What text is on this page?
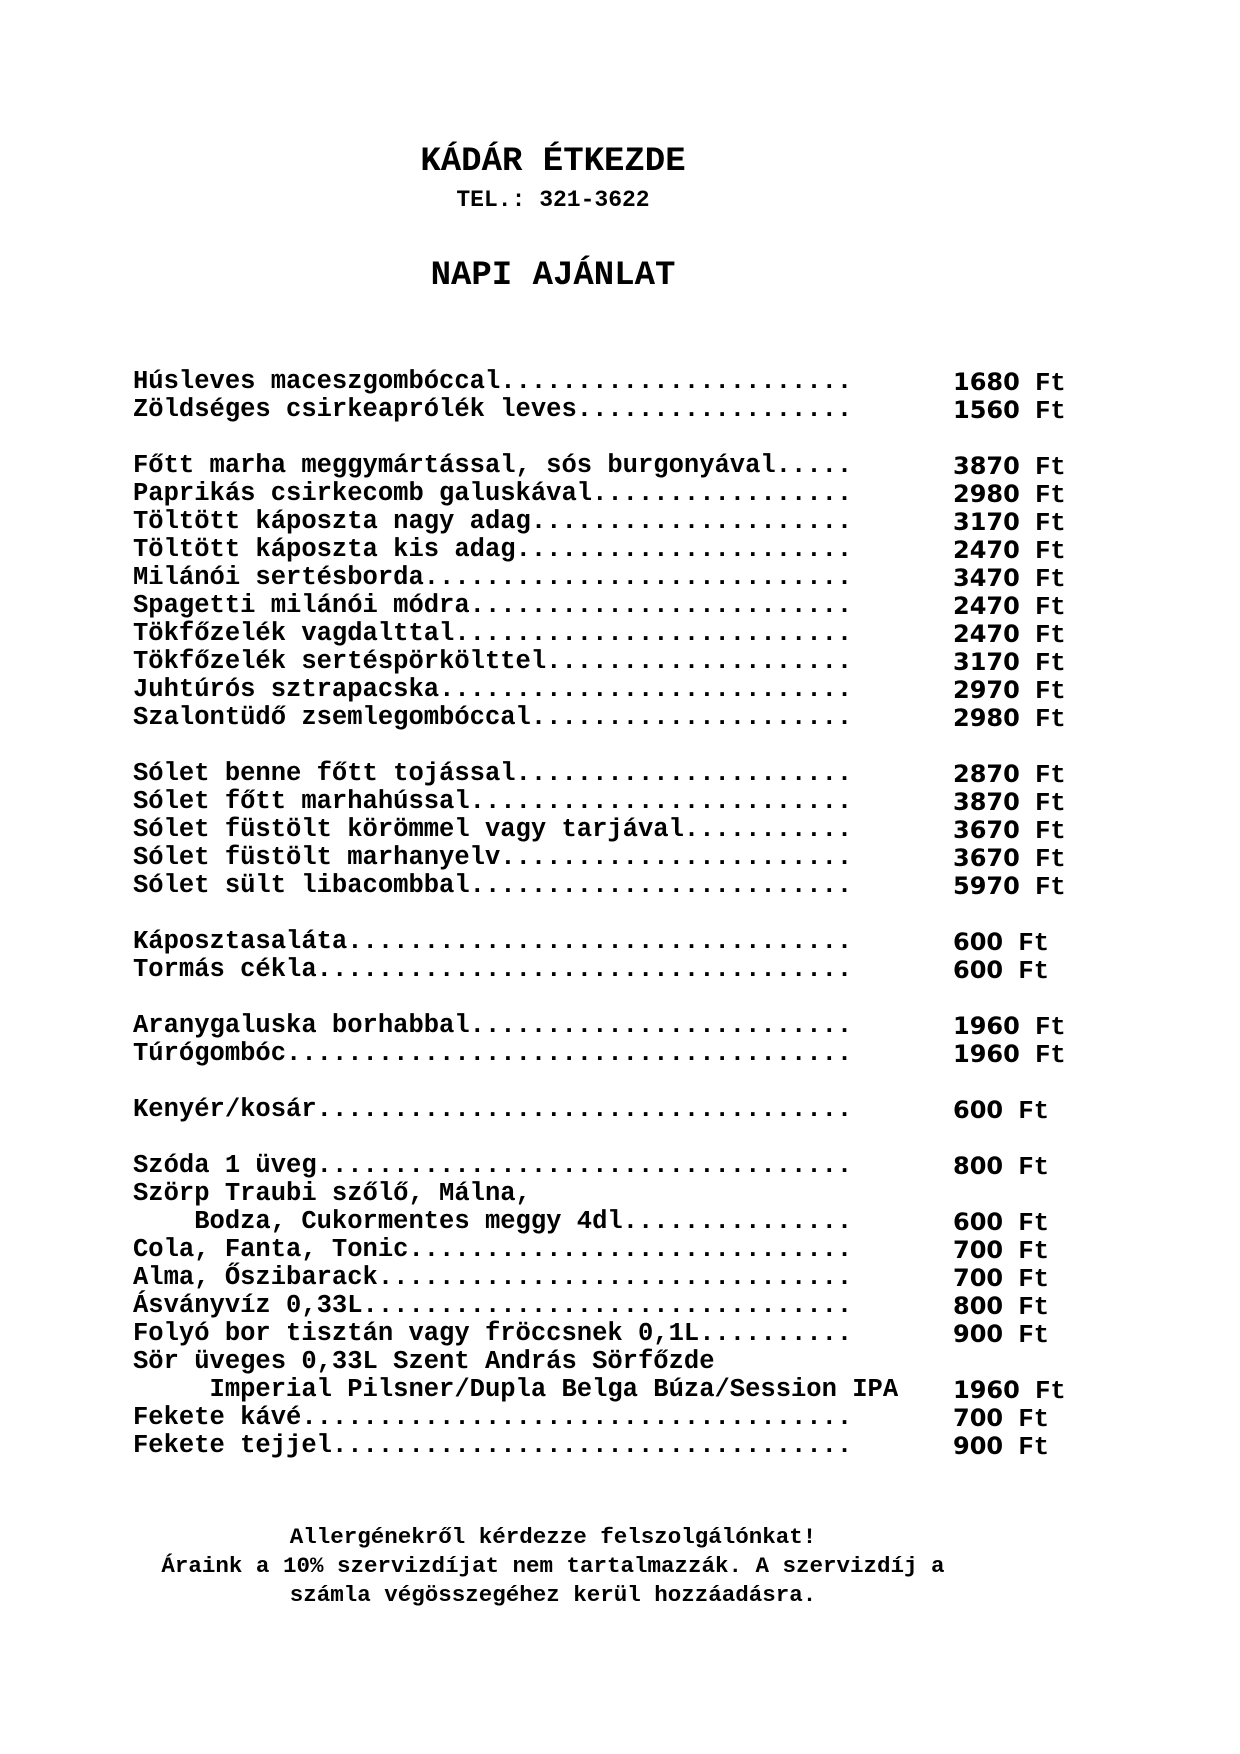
KÁDÁR ÉTKEZDE
TEL.: 321-3622
NAPI AJÁNLAT
Húsleves maceszgombóccal.......................	1680 Ft
Zöldséges csirkeaprólék leves..................	1560 Ft
Főtt marha meggymártással, sós burgonyával.....	3870 Ft
Paprikás csirkecomb galuskával.................	2980 Ft
Töltött káposzta nagy adag.....................	3170 Ft
Töltött káposzta kis adag......................	2470 Ft
Milánói sertésborda............................	3470 Ft
Spagetti milánói módra.........................	2470 Ft
Tökfőzelék vagdalttal..........................	2470 Ft
Tökfőzelék sertéspörkölttel....................	3170 Ft
Juhtúrós sztrapacska...........................	2970 Ft
Szalontüdő zsemlegombóccal.....................	2980 Ft
Sólet benne főtt tojással......................	2870 Ft
Sólet főtt marhahússal.........................	3870 Ft
Sólet füstölt körömmel vagy tarjával...........	3670 Ft
Sólet füstölt marhanyelv.......................	3670 Ft
Sólet sült libacombbal.........................	5970 Ft
Káposztasaláta.................................	600 Ft
Tormás cékla...................................	600 Ft
Aranygaluska borhabbal.........................	1960 Ft
Túrógombóc.....................................	1960 Ft
Kenyér/kosár...................................	600 Ft
Szóda 1 üveg...................................	800 Ft
Szörp Traubi szőlő, Málna,
Bodza, Cukormentes meggy 4dl...............	600 Ft
Cola, Fanta, Tonic.............................	700 Ft
Alma, Őszibarack...............................	700 Ft
Ásványvíz 0,33L................................	800 Ft
Folyó bor tisztán vagy fröccsnek 0,1L..........	900 Ft
Sör üveges 0,33L Szent András Sörfőzde
Imperial Pilsner/Dupla Belga Búza/Session IPA 1960 Ft
Fekete kávé....................................	700 Ft
Fekete tejjel..................................	900 Ft
Allergénekről kérdezze felszolgálónkat!
Áraink a 10% szervizdíjat nem tartalmazzák. A szervizdíj a
számla végösszegéhez kerül hozzáadásra.
